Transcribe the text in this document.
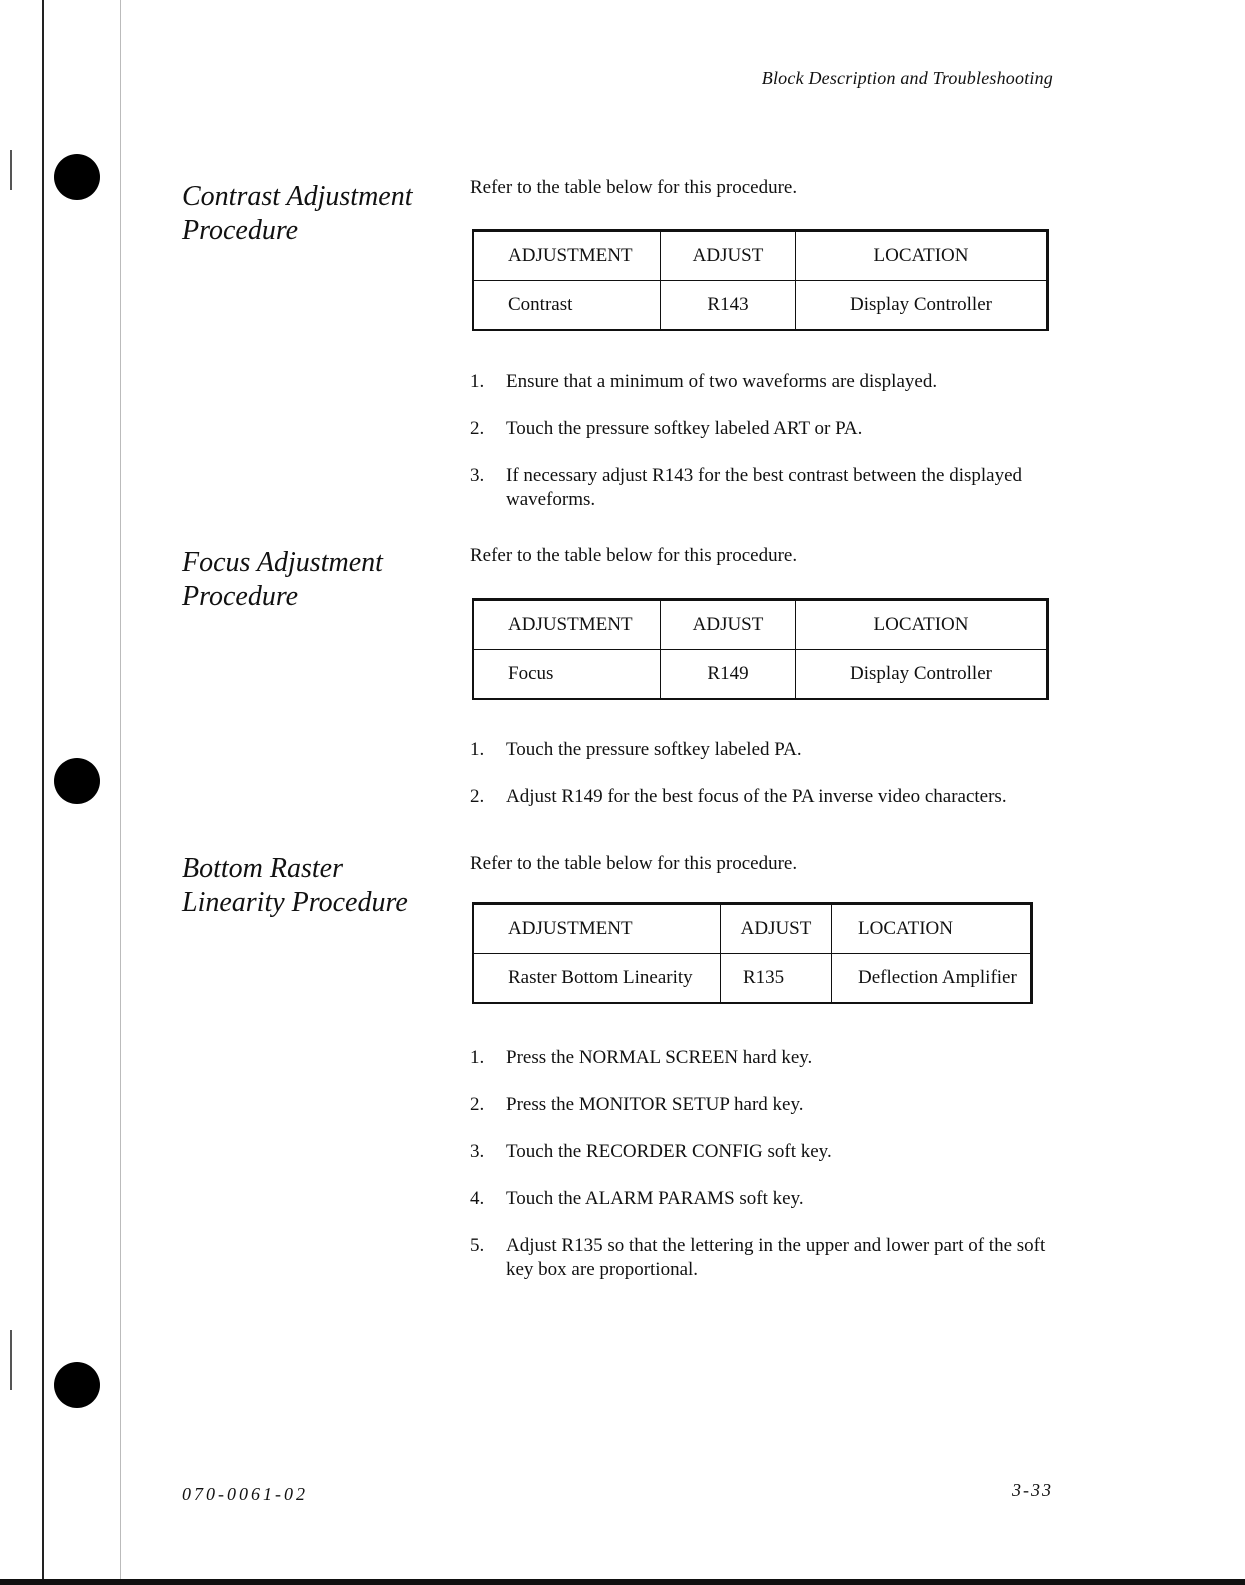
Block Description and Troubleshooting
Contrast Adjustment Procedure
Refer to the table below for this procedure.
ADJUSTMENT	ADJUST	LOCATION
Contrast	R143	Display Controller
1. Ensure that a minimum of two waveforms are displayed.
2. Touch the pressure softkey labeled ART or PA.
3. If necessary adjust R143 for the best contrast between the displayed waveforms.
Focus Adjustment Procedure
Refer to the table below for this procedure.
ADJUSTMENT	ADJUST	LOCATION
Focus	R149	Display Controller
1. Touch the pressure softkey labeled PA.
2. Adjust R149 for the best focus of the PA inverse video characters.
Bottom Raster Linearity Procedure
Refer to the table below for this procedure.
ADJUSTMENT	ADJUST	LOCATION
Raster Bottom Linearity	R135	Deflection Amplifier
1. Press the NORMAL SCREEN hard key.
2. Press the MONITOR SETUP hard key.
3. Touch the RECORDER CONFIG soft key.
4. Touch the ALARM PARAMS soft key.
5. Adjust R135 so that the lettering in the upper and lower part of the soft key box are proportional.
070-0061-02	3-33
